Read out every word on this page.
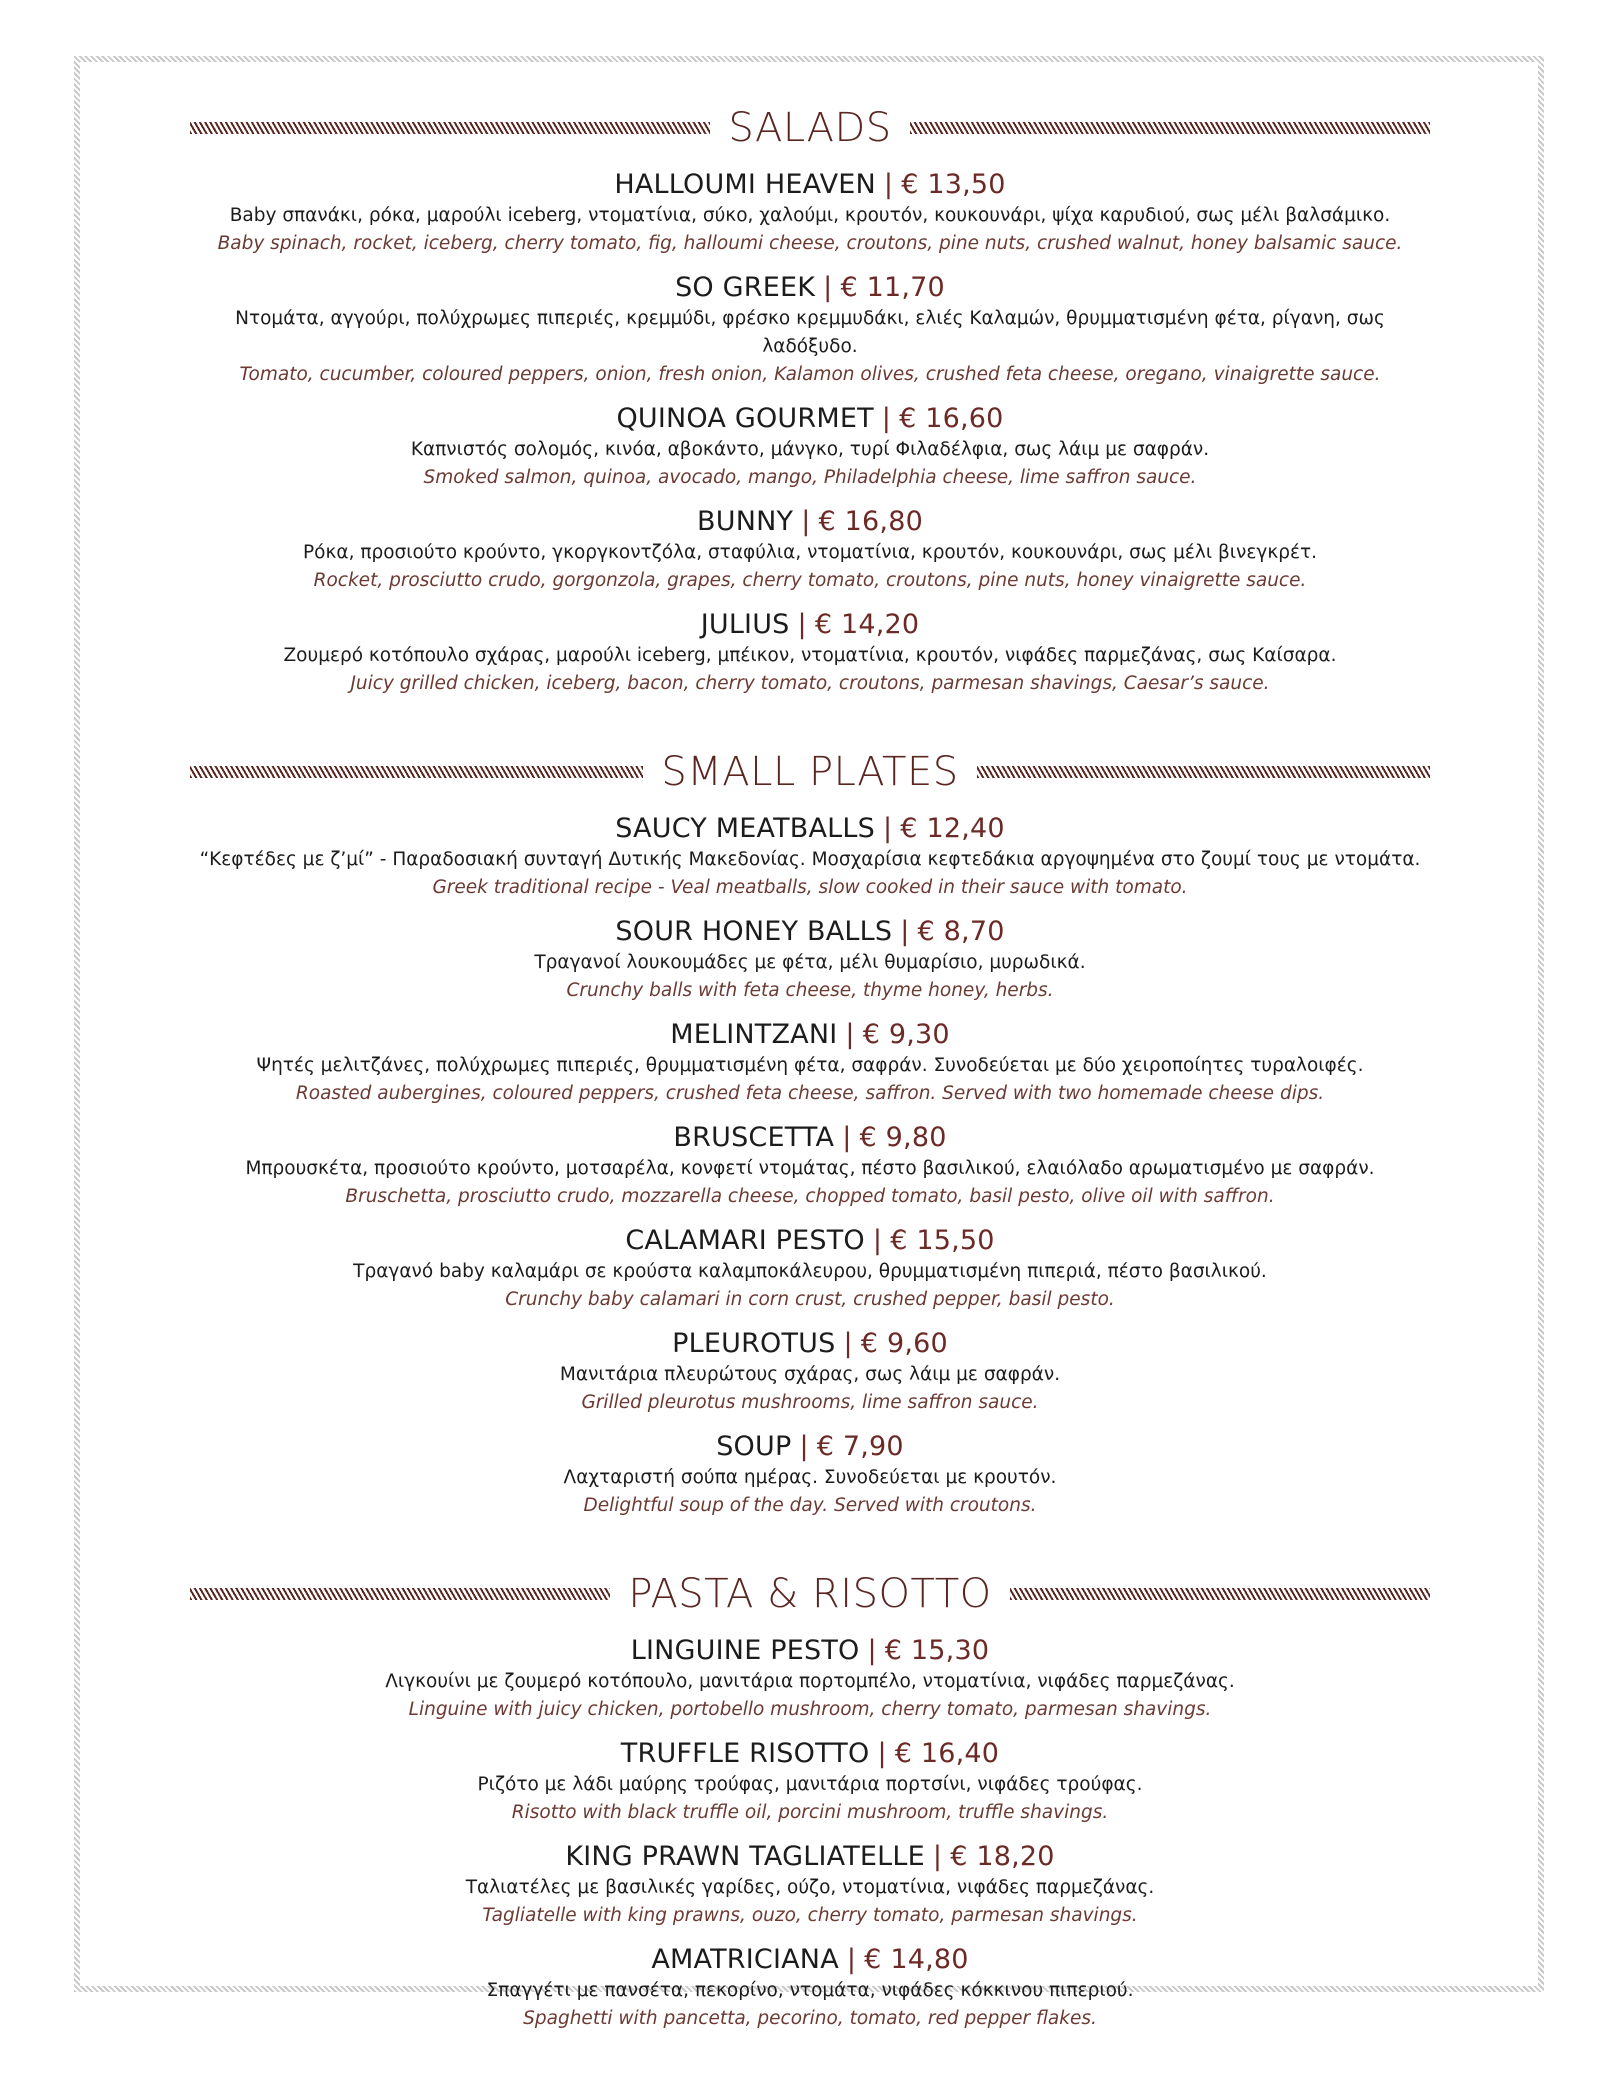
SALADS
HALLOUMI HEAVEN | € 13,50
Baby σπανάκι, ρόκα, μαρούλι iceberg, ντοματίνια, σύκο, χαλούμι, κρουτόν, κουκουνάρι, ψίχα καρυδιού, σως μέλι βαλσάμικο.
Baby spinach, rocket, iceberg, cherry tomato, fig, halloumi cheese, croutons, pine nuts, crushed walnut, honey balsamic sauce.
SO GREEK | € 11,70
Ντομάτα, αγγούρι, πολύχρωμες πιπεριές, κρεμμύδι, φρέσκο κρεμμυδάκι, ελιές Καλαμών, θρυμματισμένη φέτα, ρίγανη, σως λαδόξυδο.
Tomato, cucumber, coloured peppers, onion, fresh onion, Kalamon olives, crushed feta cheese, oregano, vinaigrette sauce.
QUINOA GOURMET | € 16,60
Καπνιστός σολομός, κινόα, αβοκάντο, μάνγκο, τυρί Φιλαδέλφια, σως λάιμ με σαφράν.
Smoked salmon, quinoa, avocado, mango, Philadelphia cheese, lime saffron sauce.
BUNNY | € 16,80
Ρόκα, προσιούτο κρούντο, γκοργκοντζόλα, σταφύλια, ντοματίνια, κρουτόν, κουκουνάρι, σως μέλι βινεγκρέτ.
Rocket, prosciutto crudo, gorgonzola, grapes, cherry tomato, croutons, pine nuts, honey vinaigrette sauce.
JULIUS | € 14,20
Ζουμερό κοτόπουλο σχάρας, μαρούλι iceberg, μπέικον, ντοματίνια, κρουτόν, νιφάδες παρμεζάνας, σως Καίσαρα.
Juicy grilled chicken, iceberg, bacon, cherry tomato, croutons, parmesan shavings, Caesar’s sauce.
SMALL PLATES
SAUCY MEATBALLS | € 12,40
“Κεφτέδες με ζ’μί” - Παραδοσιακή συνταγή Δυτικής Μακεδονίας. Μοσχαρίσια κεφτεδάκια αργοψημένα στο ζουμί τους με ντομάτα.
Greek traditional recipe - Veal meatballs, slow cooked in their sauce with tomato.
SOUR HONEY BALLS | € 8,70
Τραγανοί λουκουμάδες με φέτα, μέλι θυμαρίσιο, μυρωδικά.
Crunchy balls with feta cheese, thyme honey, herbs.
MELINTZANI | € 9,30
Ψητές μελιτζάνες, πολύχρωμες πιπεριές, θρυμματισμένη φέτα, σαφράν. Συνοδεύεται με δύο χειροποίητες τυραλοιφές.
Roasted aubergines, coloured peppers, crushed feta cheese, saffron. Served with two homemade cheese dips.
BRUSCETTA | € 9,80
Μπρουσκέτα, προσιούτο κρούντο, μοτσαρέλα, κονφετί ντομάτας, πέστο βασιλικού, ελαιόλαδο αρωματισμένο με σαφράν.
Bruschetta, prosciutto crudo, mozzarella cheese, chopped tomato, basil pesto, olive oil with saffron.
CALAMARI PESTO | € 15,50
Τραγανό baby καλαμάρι σε κρούστα καλαμποκάλευρου, θρυμματισμένη πιπεριά, πέστο βασιλικού.
Crunchy baby calamari in corn crust, crushed pepper, basil pesto.
PLEUROTUS | € 9,60
Μανιτάρια πλευρώτους σχάρας, σως λάιμ με σαφράν.
Grilled pleurotus mushrooms, lime saffron sauce.
SOUP | € 7,90
Λαχταριστή σούπα ημέρας. Συνοδεύεται με κρουτόν.
Delightful soup of the day. Served with croutons.
PASTA & RISOTTO
LINGUINE PESTO | € 15,30
Λιγκουίνι με ζουμερό κοτόπουλο, μανιτάρια πορτομπέλο, ντοματίνια, νιφάδες παρμεζάνας.
Linguine with juicy chicken, portobello mushroom, cherry tomato, parmesan shavings.
TRUFFLE RISOTTO | € 16,40
Ριζότο με λάδι μαύρης τρούφας, μανιτάρια πορτσίνι, νιφάδες τρούφας.
Risotto with black truffle oil, porcini mushroom, truffle shavings.
KING PRAWN TAGLIATELLE | € 18,20
Ταλιατέλες με βασιλικές γαρίδες, ούζο, ντοματίνια, νιφάδες παρμεζάνας.
Tagliatelle with king prawns, ouzo, cherry tomato, parmesan shavings.
AMATRICIANA | € 14,80
Σπαγγέτι με πανσέτα, πεκορίνο, ντομάτα, νιφάδες κόκκινου πιπεριού.
Spaghetti with pancetta, pecorino, tomato, red pepper flakes.
